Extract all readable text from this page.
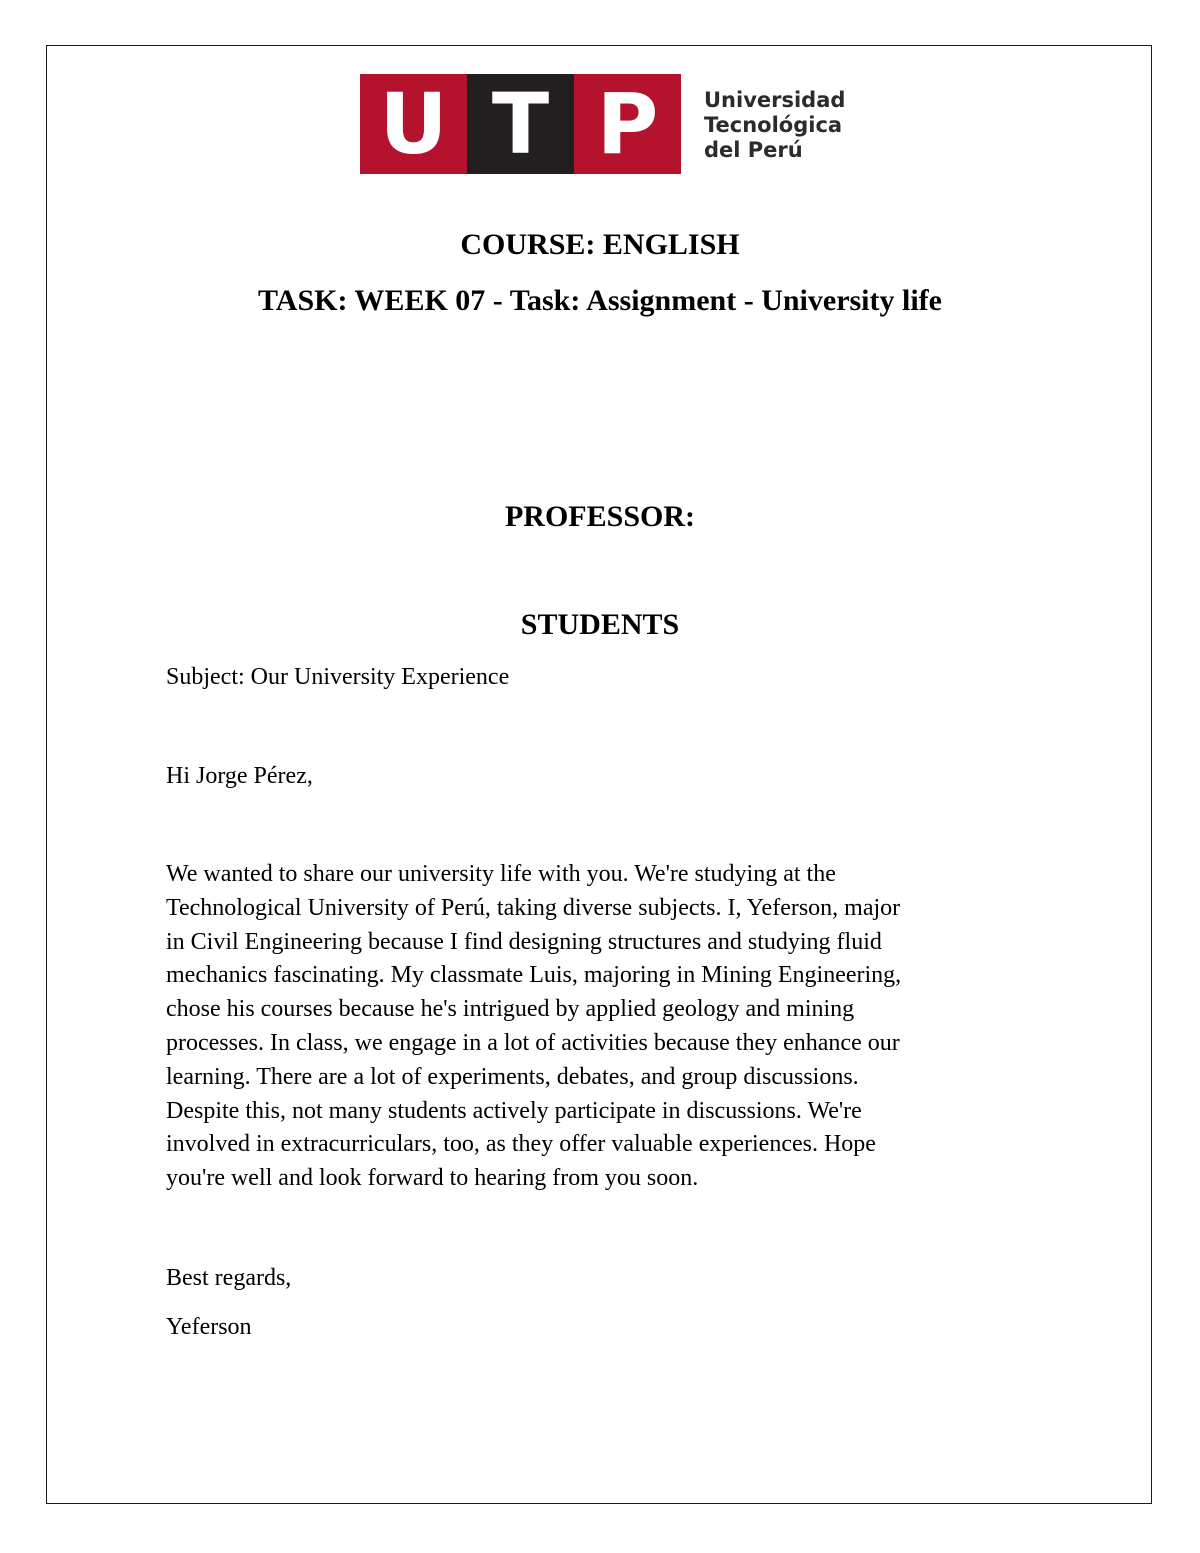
U T P	Universidad
Tecnológica
del Perú
COURSE: ENGLISH
TASK: WEEK 07 - Task: Assignment - University life
PROFESSOR:
STUDENTS
Subject: Our University Experience
Hi Jorge Pérez,
We wanted to share our university life with you. We're studying at the
Technological University of Perú, taking diverse subjects. I, Yeferson, major
in Civil Engineering because I find designing structures and studying fluid
mechanics fascinating. My classmate Luis, majoring in Mining Engineering,
chose his courses because he's intrigued by applied geology and mining
processes. In class, we engage in a lot of activities because they enhance our
learning. There are a lot of experiments, debates, and group discussions.
Despite this, not many students actively participate in discussions. We're
involved in extracurriculars, too, as they offer valuable experiences. Hope
you're well and look forward to hearing from you soon.
Best regards,
Yeferson
